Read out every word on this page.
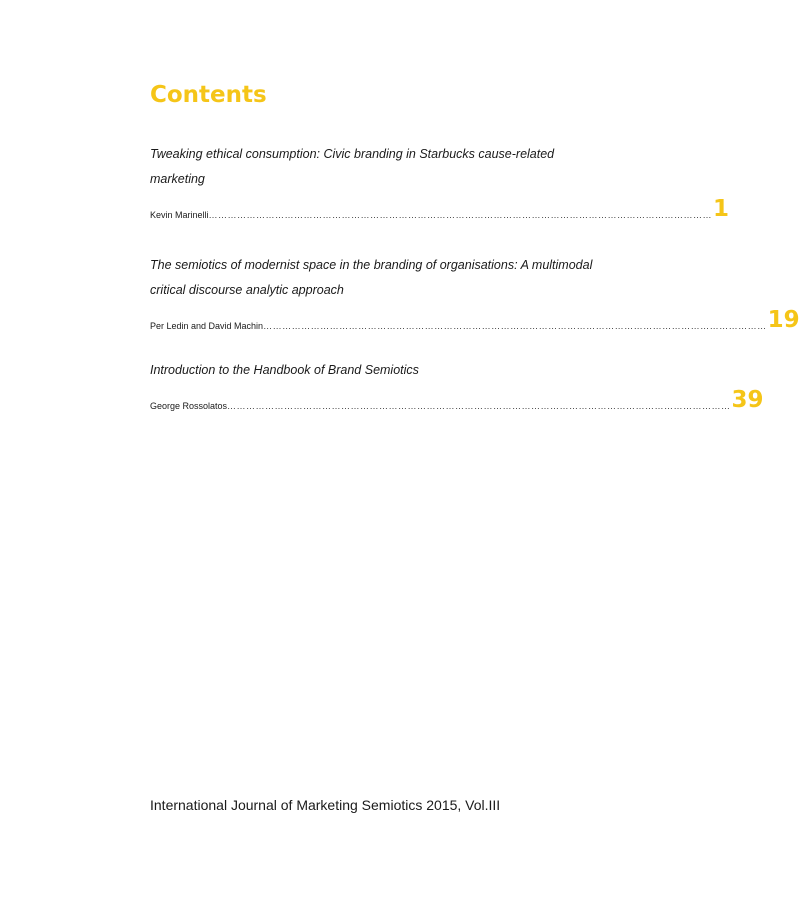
Contents

Tweaking ethical consumption: Civic branding in Starbucks cause-related

marketing

Kevin Marinelli …………………………………………………………………………………………………………………………………………… 1

The semiotics of modernist space in the branding of organisations: A multimodal

critical discourse analytic approach

Per Ledin and David Machin …………………………………………………………………………………………………………………………………………… 19

Introduction to the Handbook of Brand Semiotics

George Rossolatos …………………………………………………………………………………………………………………………………………… 39

International Journal of Marketing Semiotics 2015, Vol.III
